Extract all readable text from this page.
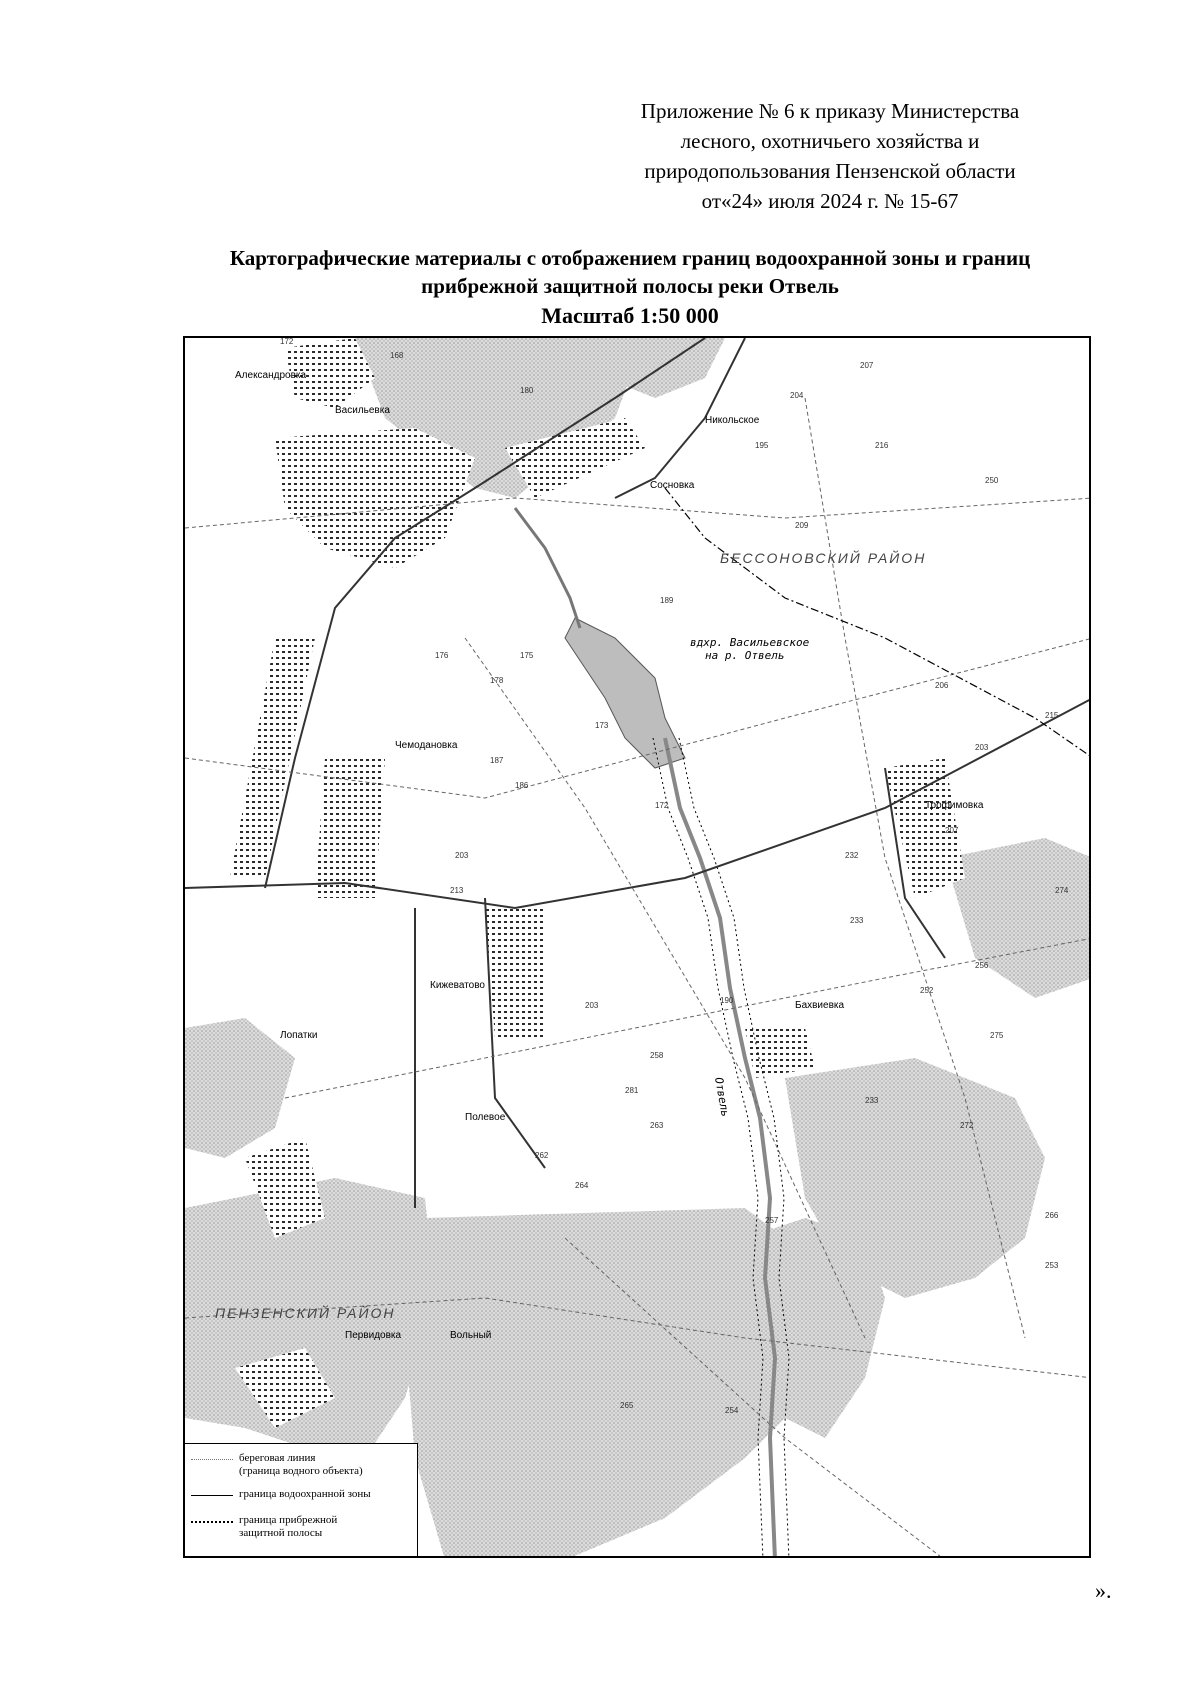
Приложение № 6 к приказу Министерства
лесного, охотничьего хозяйства и
природопользования Пензенской области
от«24» июля 2024 г. № 15-67
Картографические материалы с отображением границ водоохранной зоны и границ
прибрежной защитной полосы реки Отвель
Масштаб 1:50 000
Александровка
Васильевка
Никольское
Сосновка
Чемодановка
Трофимовка
Кижеватово
Бахвиевка
Полевое
Вольный
Первидовка
Лопатки
БЕССОНОВСКИЙ РАЙОН
ПЕНЗЕНСКИЙ РАЙОН
вдхр. Васильевское
на р. Отвель
Отвель
172
168
180
207
204
195	216
250
209
176
178
175
189
173
206
203
215
187
186
203	232
172
207
274
213
203
233
256
252
190
275
233
272
281
263
258
264
266
253
262
257
265
254
береговая линия
(граница водного объекта)
граница водоохранной зоны
граница прибрежной
защитной полосы
».
